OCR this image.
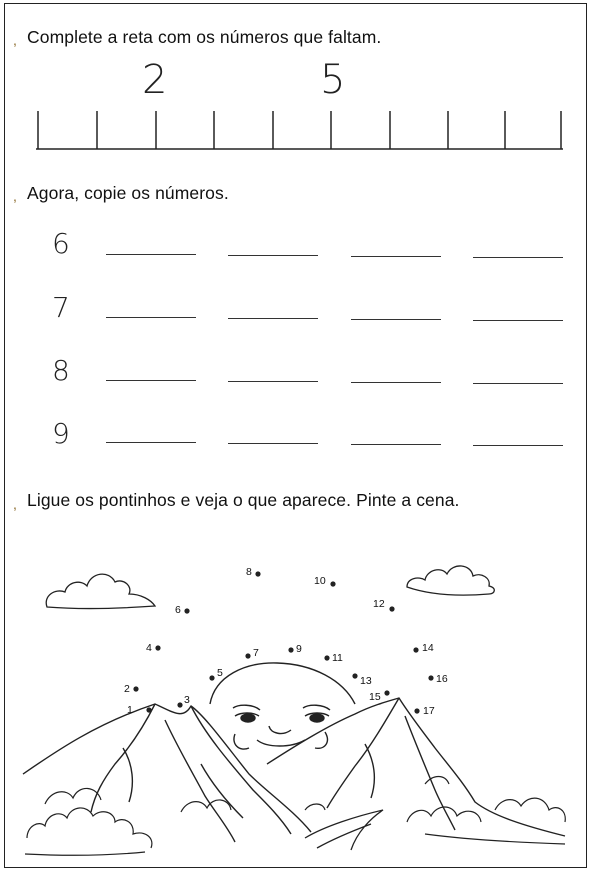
, Complete a reta com os números que faltam.
2	5
, Agora, copie os números.
6
7
8
9
, Ligue os pontinhos e veja o que aparece. Pinte a cena.
1
2
3
4
5
6
7
8
9
10
11
12
13
14
15
16
17
